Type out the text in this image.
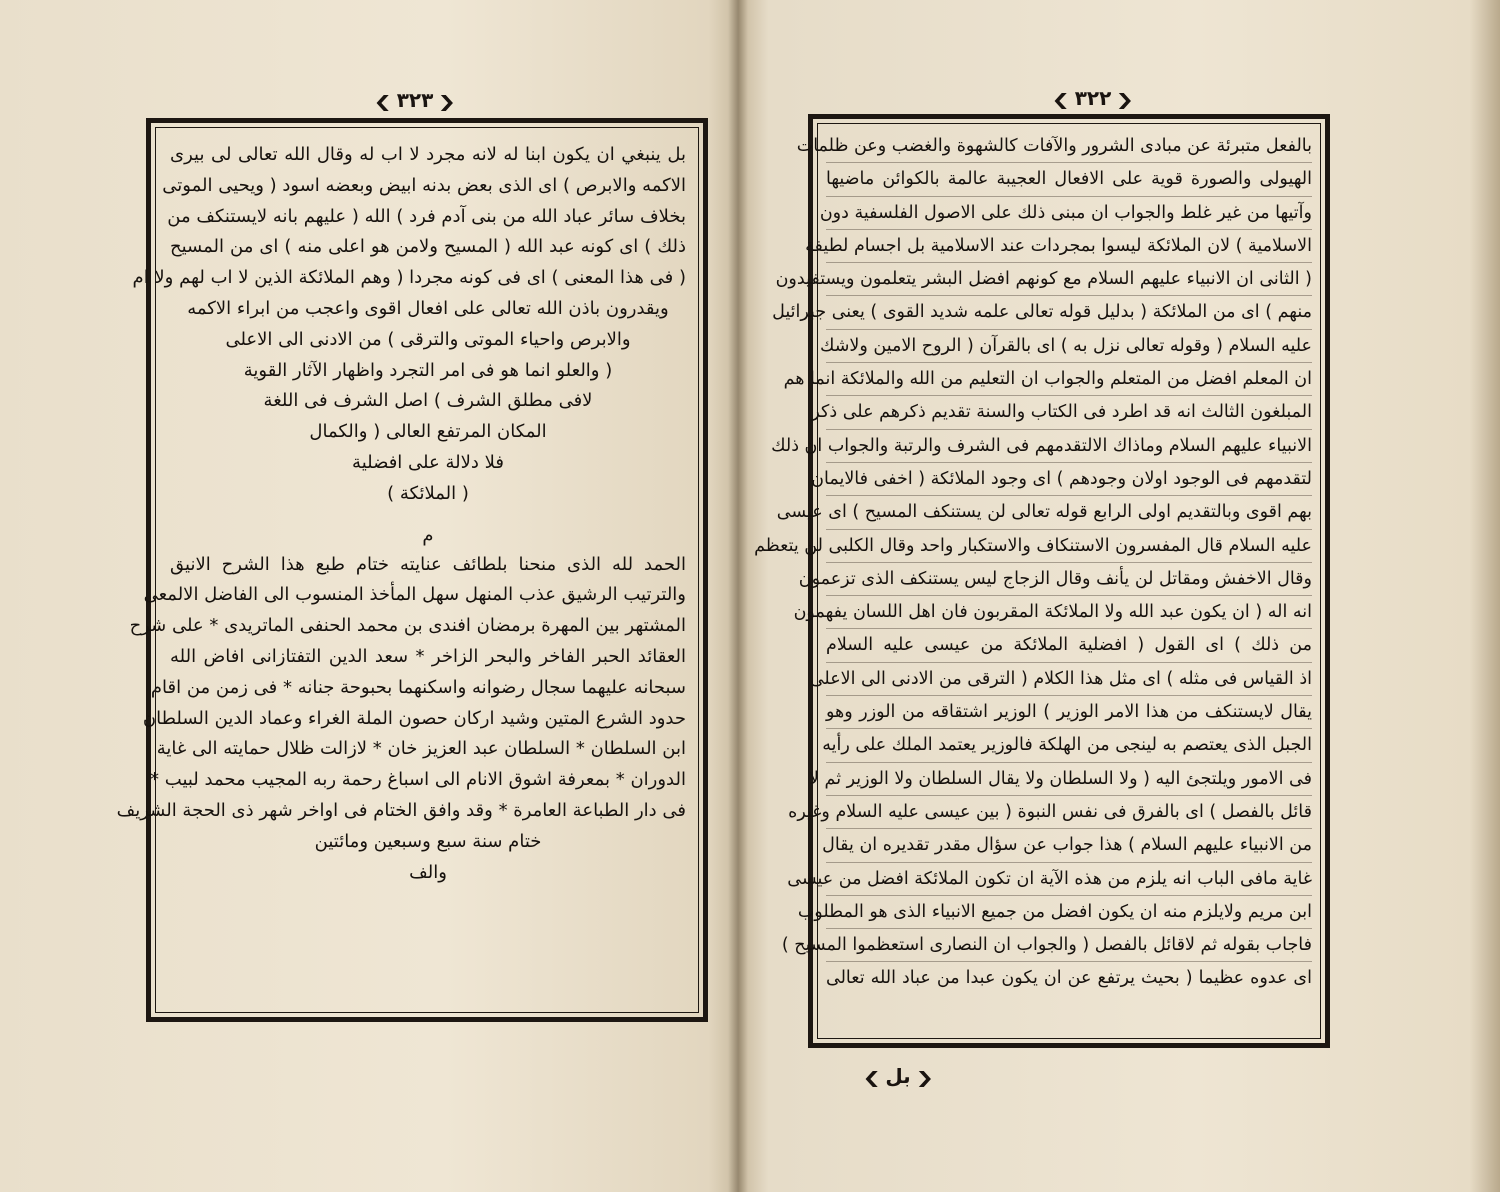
❮ ٣٢٣ ❯
بل ينبغي ان يكون ابنا له لانه مجرد لا اب له وقال الله تعالى لى بيرى
الاكمه والابرص ) اى الذى بعض بدنه ابيض وبعضه اسود ( ويحيى الموتى
بخلاف سائر عباد الله من بنى آدم فرد ) الله ( عليهم بانه لايستنكف من
ذلك ) اى كونه عبد الله ( المسيح ولامن هو اعلى منه ) اى من المسيح
( فى هذا المعنى ) اى فى كونه مجردا ( وهم الملائكة الذين لا اب لهم ولا ام
ويقدرون باذن الله تعالى على افعال اقوى واعجب من ابراء الاكمه
والابرص واحياء الموتى والترقى ) من الادنى الى الاعلى
( والعلو انما هو فى امر التجرد واظهار الآثار القوية
لافى مطلق الشرف ) اصل الشرف فى اللغة
المكان المرتفع العالى ( والكمال
فلا دلالة على افضلية
( الملائكة )
م
الحمد لله الذى منحنا بلطائف عنايته ختام طبع هذا الشرح الانيق
والترتيب الرشيق عذب المنهل سهل المأخذ المنسوب الى الفاضل الالمعى
المشتهر بين المهرة برمضان افندى بن محمد الحنفى الماتريدى * على شرح
العقائد الحبر الفاخر والبحر الزاخر * سعد الدين التفتازانى افاض الله
سبحانه عليهما سجال رضوانه واسكنهما بحبوحة جنانه * فى زمن من اقام
حدود الشرع المتين وشيد اركان حصون الملة الغراء وعماد الدين السلطان
ابن السلطان * السلطان عبد العزيز خان * لازالت ظلال حمايته الى غاية
الدوران * بمعرفة اشوق الانام الى اسباغ رحمة ربه المجيب محمد لبيب *
فى دار الطباعة العامرة * وقد وافق الختام فى اواخر شهر ذى الحجة الشريف
ختام سنة سبع وسبعين ومائتين
والف
❮ ٣٢٢ ❯
بالفعل متبرئة عن مبادى الشرور والآفات كالشهوة والغضب وعن ظلمات
الهيولى والصورة قوية على الافعال العجيبة عالمة بالكوائن ماضيها
وآتيها من غير غلط والجواب ان مبنى ذلك على الاصول الفلسفية دون
الاسلامية ) لان الملائكة ليسوا بمجردات عند الاسلامية بل اجسام لطيفة
( الثانى ان الانبياء عليهم السلام مع كونهم افضل البشر يتعلمون ويستفيدون
منهم ) اى من الملائكة ( بدليل قوله تعالى علمه شديد القوى ) يعنى جبرائيل
عليه السلام ( وقوله تعالى نزل به ) اى بالقرآن ( الروح الامين ولاشك
ان المعلم افضل من المتعلم والجواب ان التعليم من الله والملائكة انما هم
المبلغون الثالث انه قد اطرد فى الكتاب والسنة تقديم ذكرهم على ذكر
الانبياء عليهم السلام وماذاك الالتقدمهم فى الشرف والرتبة والجواب ان ذلك
لتقدمهم فى الوجود اولان وجودهم ) اى وجود الملائكة ( اخفى فالايمان
بهم اقوى وبالتقديم اولى الرابع قوله تعالى لن يستنكف المسيح ) اى عيسى
عليه السلام قال المفسرون الاستنكاف والاستكبار واحد وقال الكلبى لن يتعظم
وقال الاخفش ومقاتل لن يأنف وقال الزجاج ليس يستنكف الذى تزعمون
انه اله ( ان يكون عبد الله ولا الملائكة المقربون فان اهل اللسان يفهمون
من ذلك ) اى القول ( افضلية الملائكة من عيسى عليه السلام
اذ القياس فى مثله ) اى مثل هذا الكلام ( الترقى من الادنى الى الاعلى
يقال لايستنكف من هذا الامر الوزير ) الوزير اشتقاقه من الوزر وهو
الجبل الذى يعتصم به لينجى من الهلكة فالوزير يعتمد الملك على رأيه
فى الامور ويلتجئ اليه ( ولا السلطان ولا يقال السلطان ولا الوزير ثم لا
قائل بالفصل ) اى بالفرق فى نفس النبوة ( بين عيسى عليه السلام وغيره
من الانبياء عليهم السلام ) هذا جواب عن سؤال مقدر تقديره ان يقال
غاية مافى الباب انه يلزم من هذه الآية ان تكون الملائكة افضل من عيسى
ابن مريم ولايلزم منه ان يكون افضل من جميع الانبياء الذى هو المطلوب
فاجاب بقوله ثم لاقائل بالفصل ( والجواب ان النصارى استعظموا المسيح )
اى عدوه عظيما ( بحيث يرتفع عن ان يكون عبدا من عباد الله تعالى
❮ بل ❯
